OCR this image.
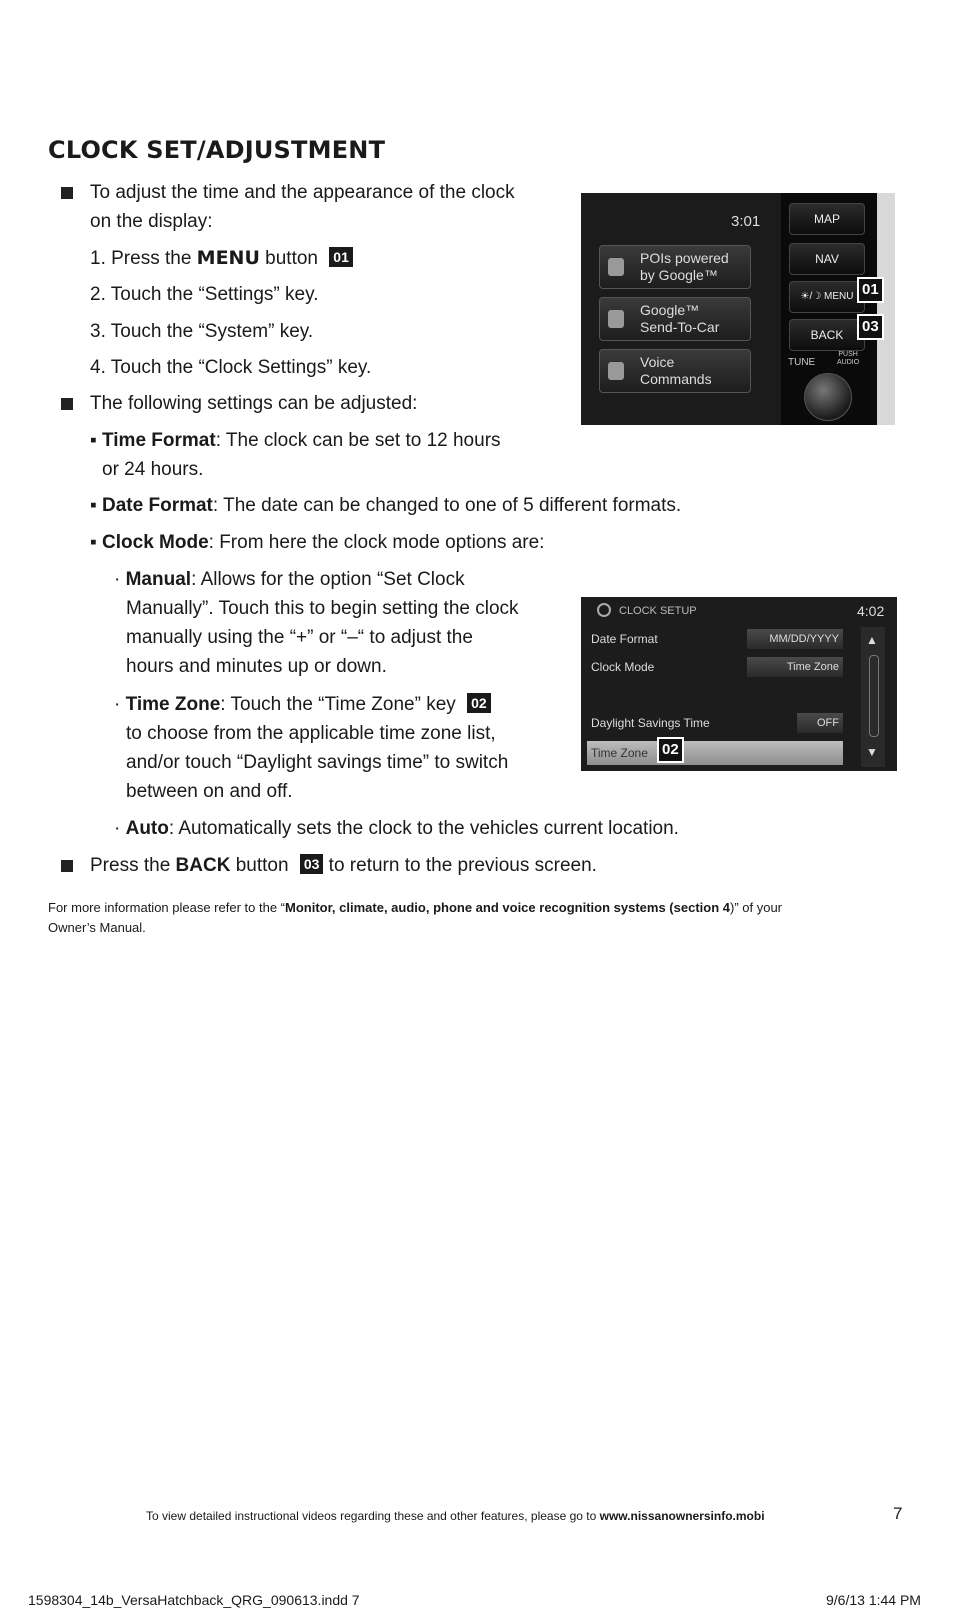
CLOCK SET/ADJUSTMENT
To adjust the time and the appearance of the clock
on the display:
1. Press the MENU button 01
2. Touch the “Settings” key.
3. Touch the “System” key.
4. Touch the “Clock Settings” key.
The following settings can be adjusted:
▪ Time Format: The clock can be set to 12 hours
or 24 hours.
▪ Date Format: The date can be changed to one of 5 different formats.
▪ Clock Mode: From here the clock mode options are:
· Manual: Allows for the option “Set Clock
Manually”. Touch this to begin setting the clock
manually using the “+” or “–“ to adjust the
hours and minutes up or down.
· Time Zone: Touch the “Time Zone” key 02
to choose from the applicable time zone list,
and/or touch “Daylight savings time” to switch
between on and off.
· Auto: Automatically sets the clock to the vehicles current location.
Press the BACK button 03 to return to the previous screen.
For more information please refer to the “Monitor, climate, audio, phone and voice recognition systems (section 4)” of your
Owner’s Manual.
3:01
POIs powered
by Google™
Google™
Send-To-Car
Voice
Commands
MAP
NAV
☀/☽ MENU
BACK
TUNE
PUSH
AUDIO
01
03
CLOCK SETUP	4:02
Date Format	MM/DD/YYYY
Clock Mode	Time Zone
Daylight Savings Time	OFF
Time Zone
▲
▼
02
To view detailed instructional videos regarding these and other features, please go to www.nissanownersinfo.mobi	7
1598304_14b_VersaHatchback_QRG_090613.indd 7	9/6/13 1:44 PM
